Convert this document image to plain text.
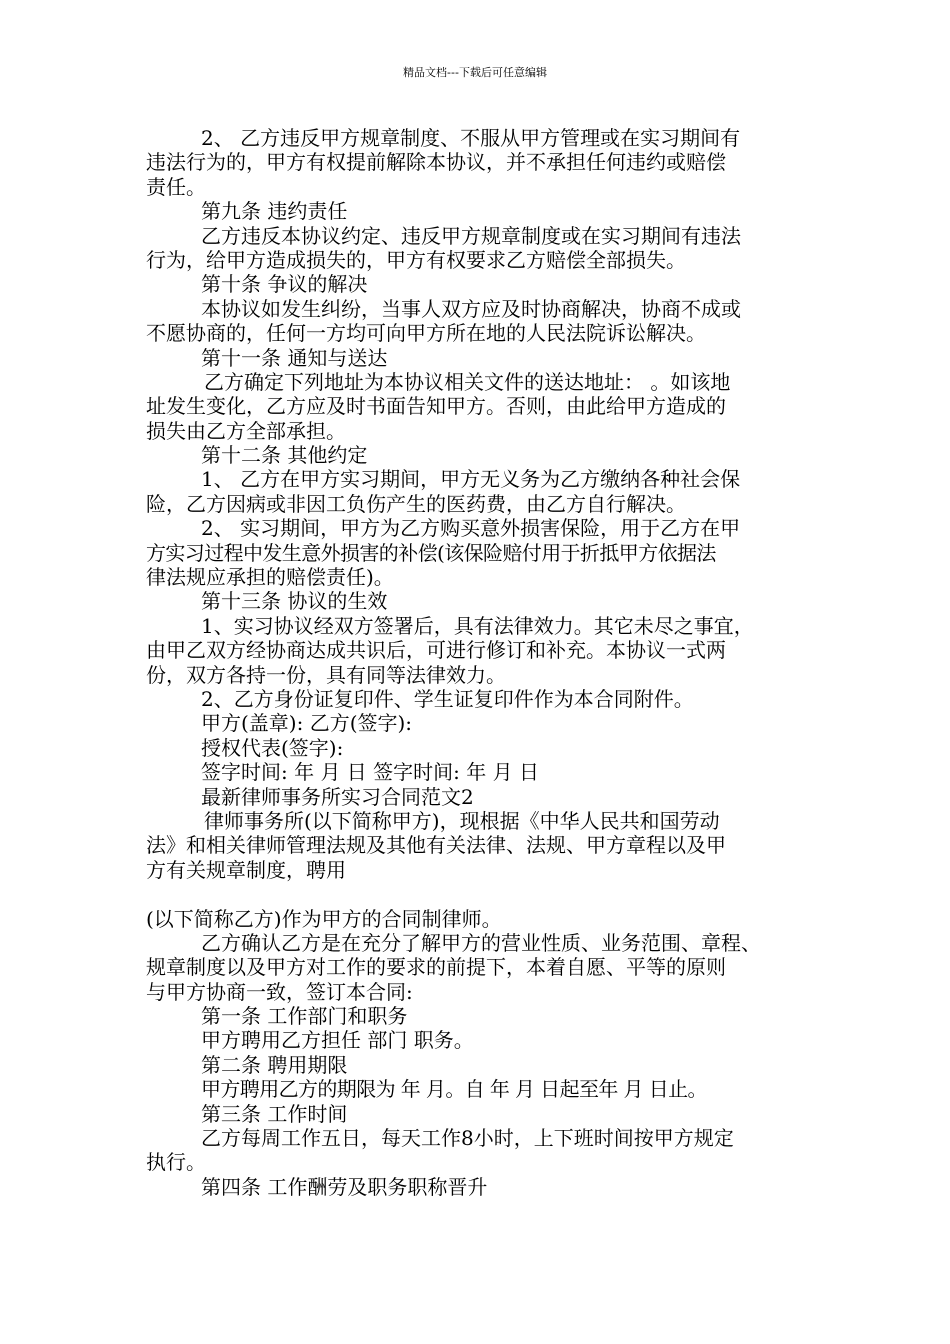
精品文档---下载后可任意编辑
2、 乙方违反甲方规章制度、不服从甲方管理或在实习期间有
违法行为的，甲方有权提前解除本协议，并不承担任何违约或赔偿
责任。
第九条 违约责任
乙方违反本协议约定、违反甲方规章制度或在实习期间有违法
行为，给甲方造成损失的，甲方有权要求乙方赔偿全部损失。
第十条 争议的解决
本协议如发生纠纷，当事人双方应及时协商解决，协商不成或
不愿协商的，任何一方均可向甲方所在地的人民法院诉讼解决。
第十一条 通知与送达
乙方确定下列地址为本协议相关文件的送达地址： 。如该地
址发生变化，乙方应及时书面告知甲方。否则，由此给甲方造成的
损失由乙方全部承担。
第十二条 其他约定
1、 乙方在甲方实习期间，甲方无义务为乙方缴纳各种社会保
险，乙方因病或非因工负伤产生的医药费，由乙方自行解决。
2、 实习期间，甲方为乙方购买意外损害保险，用于乙方在甲
方实习过程中发生意外损害的补偿(该保险赔付用于折抵甲方依据法
律法规应承担的赔偿责任)。
第十三条 协议的生效
1、实习协议经双方签署后，具有法律效力。其它未尽之事宜，
由甲乙双方经协商达成共识后，可进行修订和补充。本协议一式两
份，双方各持一份，具有同等法律效力。
2、乙方身份证复印件、学生证复印件作为本合同附件。
甲方(盖章): 乙方(签字):
授权代表(签字):
签字时间: 年 月 日 签字时间: 年 月 日
最新律师事务所实习合同范文2
律师事务所(以下简称甲方)，现根据《中华人民共和国劳动
法》和相关律师管理法规及其他有关法律、法规、甲方章程以及甲
方有关规章制度，聘用
(以下简称乙方)作为甲方的合同制律师。
乙方确认乙方是在充分了解甲方的营业性质、业务范围、章程、
规章制度以及甲方对工作的要求的前提下，本着自愿、平等的原则
与甲方协商一致，签订本合同:
第一条 工作部门和职务
甲方聘用乙方担任 部门 职务。
第二条 聘用期限
甲方聘用乙方的期限为 年 月。自 年 月 日起至年 月 日止。
第三条 工作时间
乙方每周工作五日，每天工作8小时，上下班时间按甲方规定
执行。
第四条 工作酬劳及职务职称晋升
